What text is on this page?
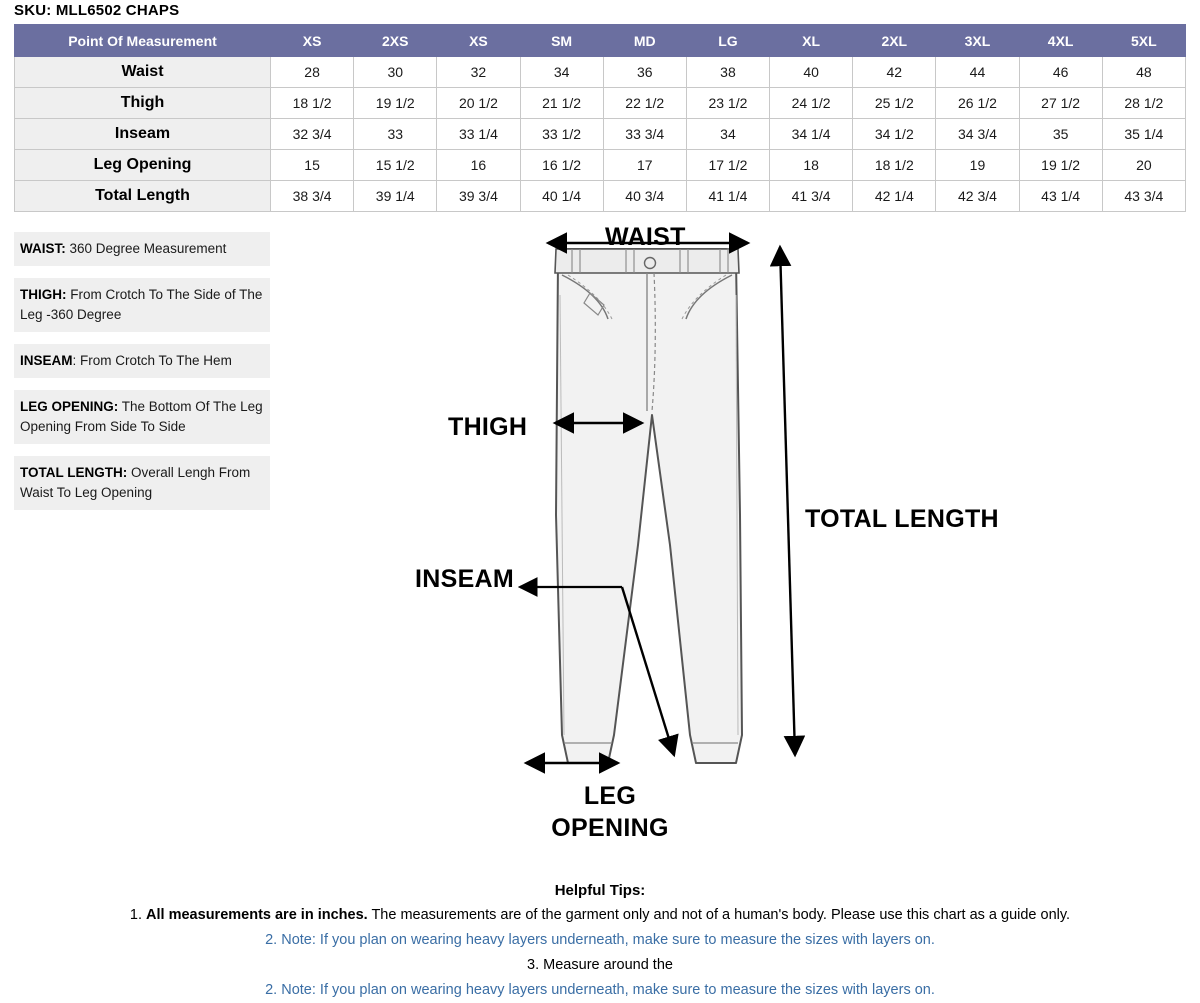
SKU: MLL6502 CHAPS
Point Of Measurement	XS	2XS	XS	SM	MD	LG	XL	2XL	3XL	4XL	5XL
Waist	28	30	32	34	36	38	40	42	44	46	48
Thigh	18 1/2	19 1/2	20 1/2	21 1/2	22 1/2	23 1/2	24 1/2	25 1/2	26 1/2	27 1/2	28 1/2
Inseam	32 3/4	33	33 1/4	33 1/2	33 3/4	34	34 1/4	34 1/2	34 3/4	35	35 1/4
Leg Opening	15	15 1/2	16	16 1/2	17	17 1/2	18	18 1/2	19	19 1/2	20
Total Length	38 3/4	39 1/4	39 3/4	40 1/4	40 3/4	41 1/4	41 3/4	42 1/4	42 3/4	43 1/4	43 3/4
WAIST: 360 Degree Measurement
THIGH: From Crotch To The Side of The Leg -360 Degree
INSEAM: From Crotch To The Hem
LEG OPENING: The Bottom Of The Leg Opening From Side To Side
TOTAL LENGTH: Overall Lengh From Waist To Leg Opening
WAIST
THIGH
INSEAM
TOTAL LENGTH
LEG
OPENING
Helpful Tips:
1. All measurements are in inches. The measurements are of the garment only and not of a human's body. Please use this chart as a guide only.
2. Note: If you plan on wearing heavy layers underneath, make sure to measure the sizes with layers on.
3. Measure around the
2. Note: If you plan on wearing heavy layers underneath, make sure to measure the sizes with layers on.
